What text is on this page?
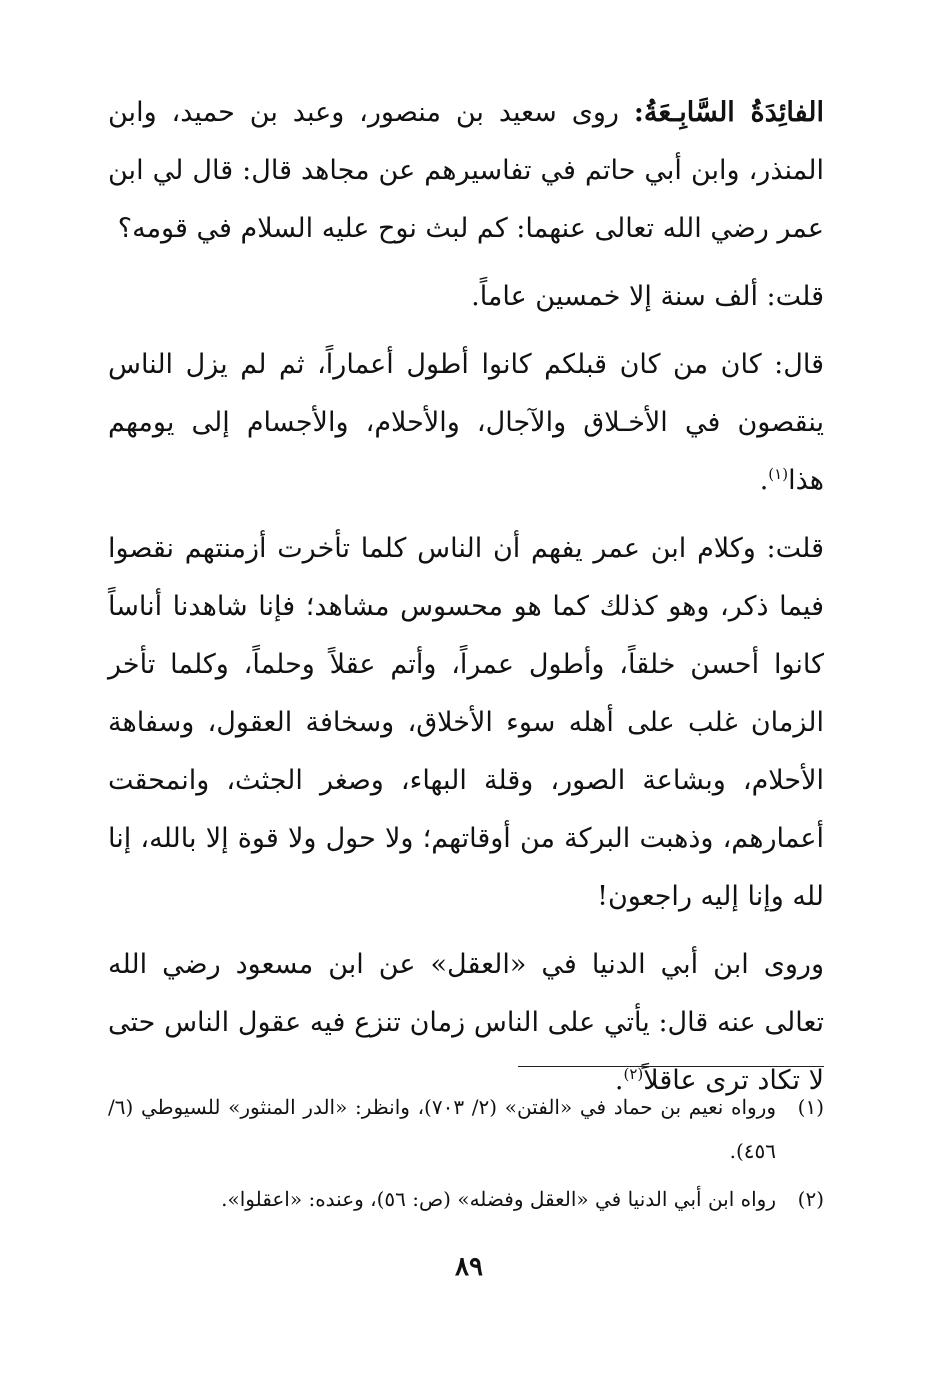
الفائِدَةُ السَّابِـعَةُ: روى سعيد بن منصور، وعبد بن حميد، وابن المنذر، وابن أبي حاتم في تفاسيرهم عن مجاهد قال: قال لي ابن عمر رضي الله تعالى عنهما: كم لبث نوح عليه السلام في قومه؟

قلت: ألف سنة إلا خمسين عاماً.

قال: كان من كان قبلكم كانوا أطول أعماراً، ثم لم يزل الناس ينقصون في الأخـلاق والآجال، والأحلام، والأجسام إلى يومهم هذا$^{(١)}$.

قلت: وكلام ابن عمر يفهم أن الناس كلما تأخرت أزمنتهم نقصوا فيما ذكر، وهو كذلك كما هو محسوس مشاهد؛ فإنا شاهدنا أناساً كانوا أحسن خلقاً، وأطول عمراً، وأتم عقلاً وحلماً، وكلما تأخر الزمان غلب على أهله سوء الأخلاق، وسخافة العقول، وسفاهة الأحلام، وبشاعة الصور، وقلة البهاء، وصغر الجثث، وانمحقت أعمارهم، وذهبت البركة من أوقاتهم؛ ولا حول ولا قوة إلا بالله، إنا لله وإنا إليه راجعون!

وروى ابن أبي الدنيا في «العقل» عن ابن مسعود رضي الله تعالى عنه قال: يأتي على الناس زمان تنزع فيه عقول الناس حتى لا تكاد ترى عاقلاً$^{(٢)}$.

(١)
ورواه نعيم بن حماد في «الفتن» (٢/ ٧٠٣)، وانظر: «الدر المنثور» للسيوطي (٦/ ٤٥٦).
(٢)
رواه ابن أبي الدنيا في «العقل وفضله» (ص: ٥٦)، وعنده: «اعقلوا».
٨٩
